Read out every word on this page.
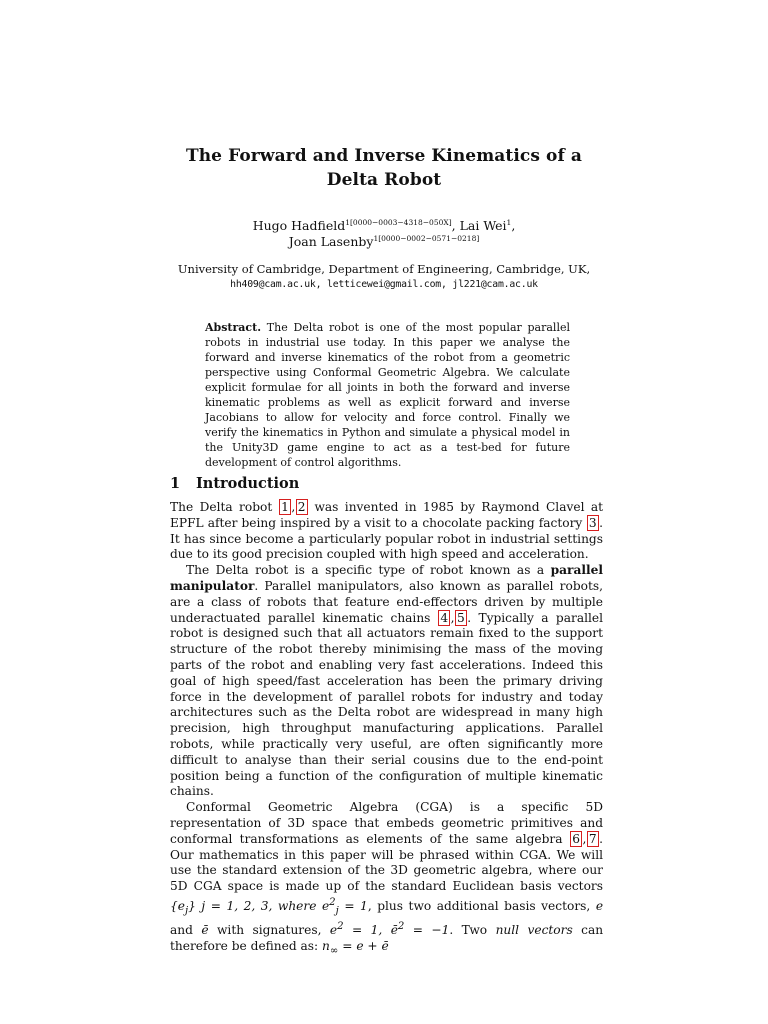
The Forward and Inverse Kinematics of a
Delta Robot
Hugo Hadfield$^{1[0000-0003-4318-050X]}$, Lai Wei$^1$,
Joan Lasenby$^{1[0000-0002-0571-0218]}$
University of Cambridge, Department of Engineering, Cambridge, UK,
hh409@cam.ac.uk, letticewei@gmail.com, jl221@cam.ac.uk
Abstract. The Delta robot is one of the most popular parallel robots in industrial use today. In this paper we analyse the forward and inverse kinematics of the robot from a geometric perspective using Conformal Geometric Algebra. We calculate explicit formulae for all joints in both the forward and inverse kinematic problems as well as explicit forward and inverse Jacobians to allow for velocity and force control. Finally we verify the kinematics in Python and simulate a physical model in the Unity3D game engine to act as a test-bed for future development of control algorithms.
1 Introduction

The Delta robot 1 , 2 was invented in 1985 by Raymond Clavel at EPFL after being inspired by a visit to a chocolate packing factory 3 . It has since become a particularly popular robot in industrial settings due to its good precision coupled with high speed and acceleration.

The Delta robot is a specific type of robot known as a parallel manipulator. Parallel manipulators, also known as parallel robots, are a class of robots that feature end-effectors driven by multiple underactuated parallel kinematic chains 4 , 5 . Typically a parallel robot is designed such that all actuators remain fixed to the support structure of the robot thereby minimising the mass of the moving parts of the robot and enabling very fast accelerations. Indeed this goal of high speed/fast acceleration has been the primary driving force in the development of parallel robots for industry and today architectures such as the Delta robot are widespread in many high precision, high throughput manufacturing applications. Parallel robots, while practically very useful, are often significantly more difficult to analyse than their serial cousins due to the end-point position being a function of the configuration of multiple kinematic chains.

Conformal Geometric Algebra (CGA) is a specific 5D representation of 3D space that embeds geometric primitives and conformal transformations as elements of the same algebra 6 , 7 . Our mathematics in this paper will be phrased within CGA. We will use the standard extension of the 3D geometric algebra, where our 5D CGA space is made up of the standard Euclidean basis vectors $\{e_j\} j = 1$, 2, 3, where $e^2_j = 1$, plus two additional basis vectors, e and ē with signatures, $e^2 = 1$, $ē^2 = -1$. Two null vectors can therefore be defined as: $n_\infty = e$ + ē
